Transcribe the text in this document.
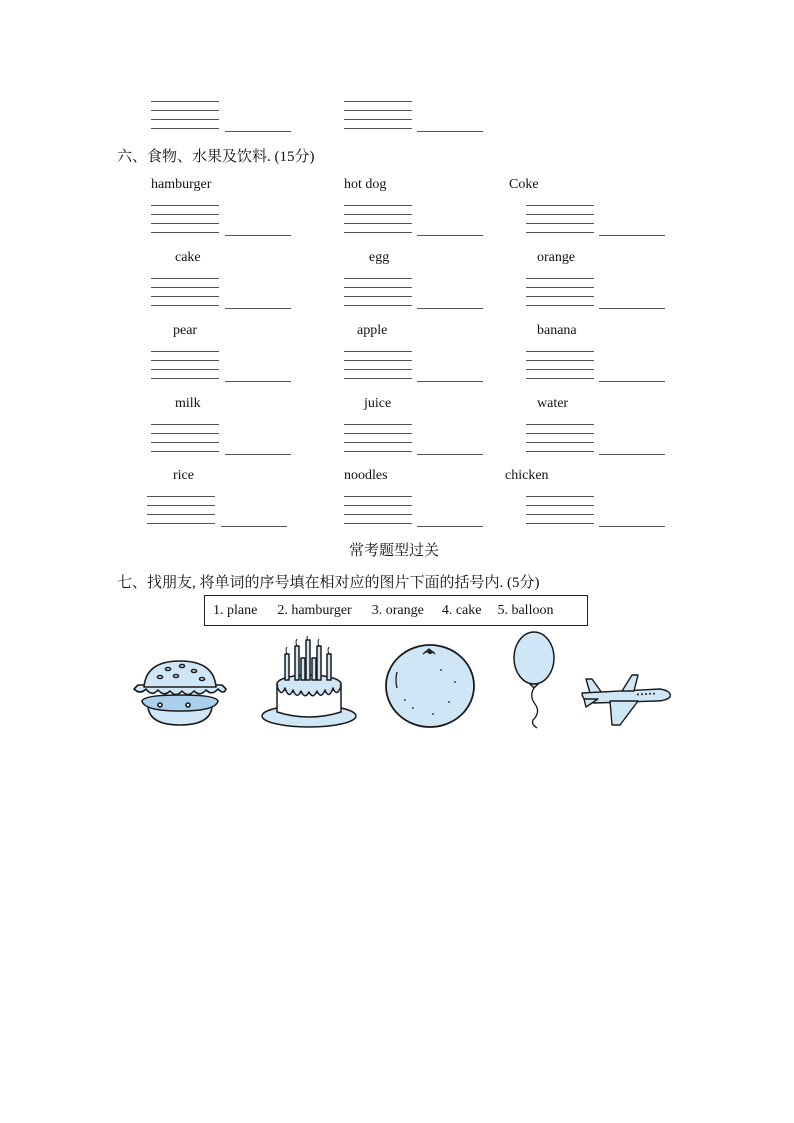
六、食物、水果及饮料. (15分)
hamburger	hot dog	Coke
cake	egg	orange
pear	apple	banana
milk	juice	water
rice	noodles	chicken
常考题型过关
七、找朋友, 将单词的序号填在相对应的图片下面的括号内. (5分)
1. plane 2. hamburger 3. orange 4. cake 5. balloon
